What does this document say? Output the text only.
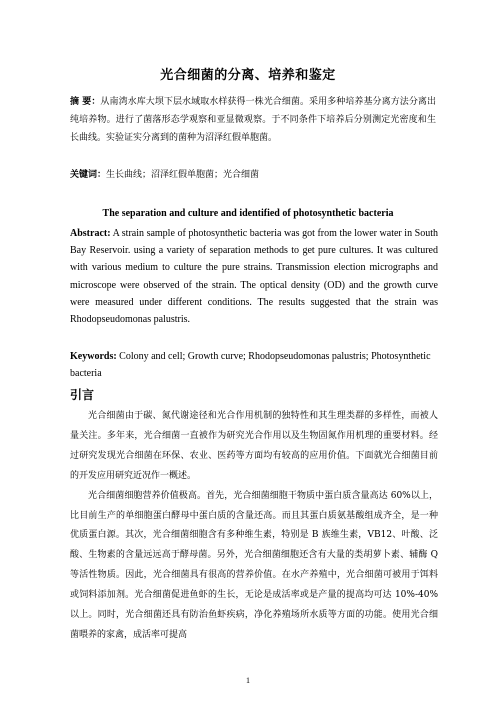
光合细菌的分离、培养和鉴定
摘 要：从南湾水库大坝下层水域取水样获得一株光合细菌。采用多种培养基分离方法分离出纯培养物。进行了菌落形态学观察和亚显微观察。于不同条件下培养后分别测定光密度和生长曲线。实验证实分离到的菌种为沼泽红假单胞菌。
关键词：生长曲线；沼泽红假单胞菌；光合细菌
The separation and culture and identified of photosynthetic bacteria
Abstract: A strain sample of photosynthetic bacteria was got from the lower water in South Bay Reservoir. using a variety of separation methods to get pure cultures. It was cultured with various medium to culture the pure strains. Transmission election micrographs and microscope were observed of the strain. The optical density (OD) and the growth curve were measured under different conditions. The results suggested that the strain was Rhodopseudomonas palustris.
Keywords: Colony and cell; Growth curve; Rhodopseudomonas palustris; Photosynthetic bacteria
引言

光合细菌由于碳、氮代谢途径和光合作用机制的独特性和其生理类群的多样性，而被人量关注。多年来，光合细菌一直被作为研究光合作用以及生物固氮作用机理的重要材料。经过研究发现光合细菌在环保、农业、医药等方面均有较高的应用价值。下面就光合细菌目前的开发应用研究近况作一概述。

光合细菌细胞营养价值极高。首先，光合细菌细胞干物质中蛋白质含量高达 60%以上，比目前生产的单细胞蛋白酵母中蛋白质的含量还高。而且其蛋白质氨基酸组成齐全，是一种优质蛋白源。其次，光合细菌细胞含有多种维生素，特别是 B 族维生素，VB12、叶酸、泛酸、生物素的含量远远高于酵母菌。另外，光合细菌细胞还含有大量的类胡萝卜素、辅酶 Q 等活性物质。因此，光合细菌具有很高的营养价值。在水产养殖中，光合细菌可被用于饵料或饲料添加剂。光合细菌促进鱼虾的生长，无论是成活率或是产量的提高均可达 10%-40%以上。同时，光合细菌还具有防治鱼虾疾病，净化养殖场所水质等方面的功能。使用光合细菌喂养的家禽，成活率可提高

1
